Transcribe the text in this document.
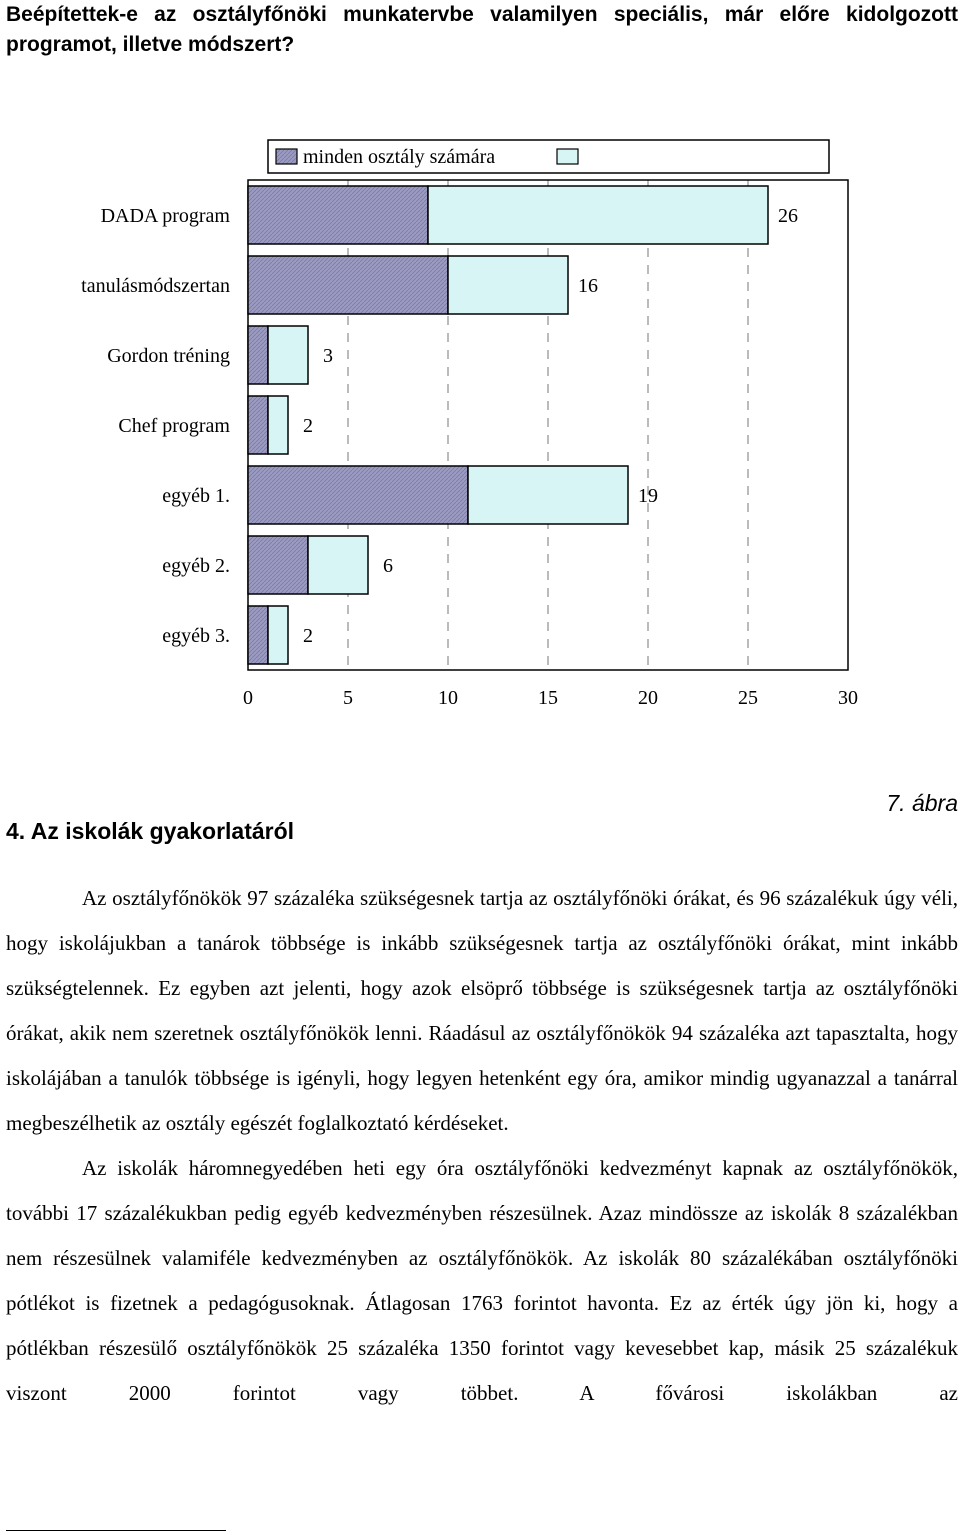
Beépítettek-e az osztályfőnöki munkatervbe valamilyen speciális, már előre kidolgozott programot, illetve módszert?
minden osztály számára
DADA program	26
tanulásmódszertan	16
Gordon tréning	3
Chef program	2
egyéb 1.	19
egyéb 2.	6
egyéb 3.	2
0	5	10	15	20	25	30
4. Az iskolák gyakorlatáról
7. ábra

Az osztályfőnökök 97 százaléka szükségesnek tartja az osztályfőnöki órákat, és 96 százalékuk úgy véli, hogy iskolájukban a tanárok többsége is inkább szükségesnek tartja az osztályfőnöki órákat, mint inkább szükségtelennek. Ez egyben azt jelenti, hogy azok elsöprő többsége is szükségesnek tartja az osztályfőnöki órákat, akik nem szeretnek osztályfőnökök lenni. Ráadásul az osztályfőnökök 94 százaléka azt tapasztalta, hogy iskolájában a tanulók többsége is igényli, hogy legyen hetenként egy óra, amikor mindig ugyanazzal a tanárral megbeszélhetik az osztály egészét foglalkoztató kérdéseket.

Az iskolák háromnegyedében heti egy óra osztályfőnöki kedvezményt kapnak az osztályfőnökök, további 17 százalékukban pedig egyéb kedvezményben részesülnek. Azaz mindössze az iskolák 8 százalékban nem részesülnek valamiféle kedvezményben az osztályfőnökök. Az iskolák 80 százalékában osztályfőnöki pótlékot is fizetnek a pedagógusoknak. Átlagosan 1763 forintot havonta. Ez az érték úgy jön ki, hogy a pótlékban részesülő osztályfőnökök 25 százaléka 1350 forintot vagy kevesebbet kap, másik 25 százalékuk viszont 2000 forintot vagy többet. A fővárosi iskolákban az
